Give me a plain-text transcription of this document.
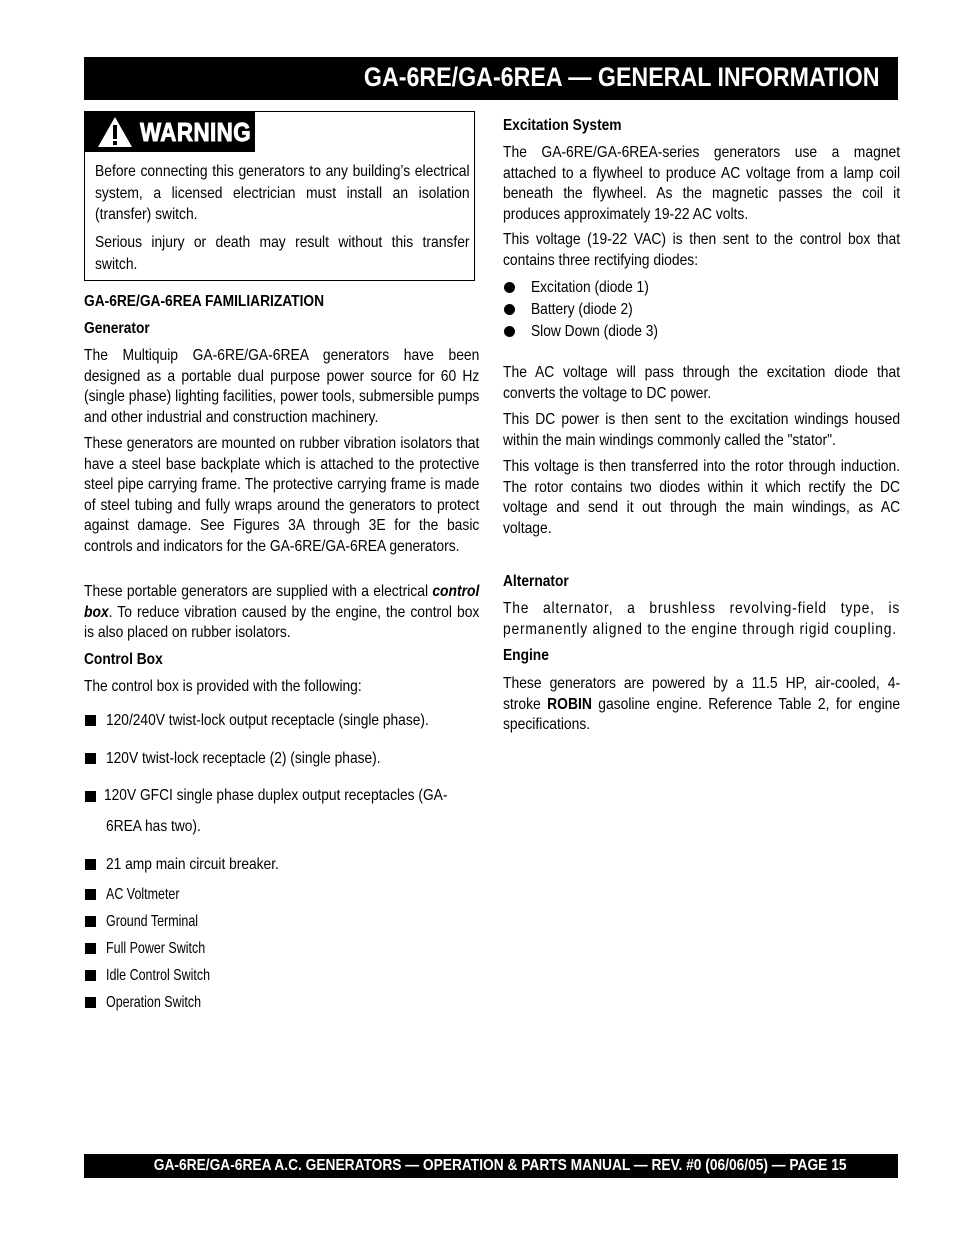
GA-6RE/GA-6REA — GENERAL INFORMATION
WARNING
Before connecting this generators to any building’s electrical system, a licensed electrician must install an isolation (transfer) switch.
Serious injury or death may result without this transfer switch.
GA-6RE/GA-6REA FAMILIARIZATION
Generator
The Multiquip GA-6RE/GA-6REA generators have been designed as a portable dual purpose power source for 60 Hz (single phase) lighting facilities, power tools, submersible pumps and other industrial and construction machinery.
These generators are mounted on rubber vibration isolators that have a steel base backplate which is attached to the protective steel pipe carrying frame. The protective carrying frame is made of steel tubing and fully wraps around the generators to protect against damage. See Figures 3A through 3E for the basic controls and indicators for the GA-6RE/GA-6REA generators.
These portable generators are supplied with a electrical control box. To reduce vibration caused by the engine, the control box is also placed on rubber isolators.
Control Box
The control box is provided with the following:
120/240V twist-lock output receptacle (single phase).
120V twist-lock receptacle (2) (single phase).
120V GFCI single phase duplex output receptacles (GA-
6REA has two).
21 amp main circuit breaker.
AC Voltmeter
Ground Terminal
Full Power Switch
Idle Control Switch
Operation Switch
Excitation System
The GA-6RE/GA-6REA-series generators use a magnet attached to a flywheel to produce AC voltage from a lamp coil beneath the flywheel. As the magnetic passes the coil it produces approximately 19-22 AC volts.
This voltage (19-22 VAC) is then sent to the control box that contains three rectifying diodes:
Excitation (diode 1)
Battery (diode 2)
Slow Down (diode 3)
The AC voltage will pass through the excitation diode that converts the voltage to DC power.
This DC power is then sent to the excitation windings housed within the main windings commonly called the "stator".
This voltage is then transferred into the rotor through induction. The rotor contains two diodes within it which rectify the DC voltage and send it out through the main windings, as AC voltage.
Alternator
The alternator, a brushless revolving-field type, is permanently aligned to the engine through rigid coupling.
Engine
These generators are powered by a 11.5 HP, air-cooled, 4-stroke ROBIN gasoline engine. Reference Table 2, for engine specifications.
GA-6RE/GA-6REA A.C. GENERATORS — OPERATION & PARTS MANUAL — REV. #0 (06/06/05) — PAGE 15
